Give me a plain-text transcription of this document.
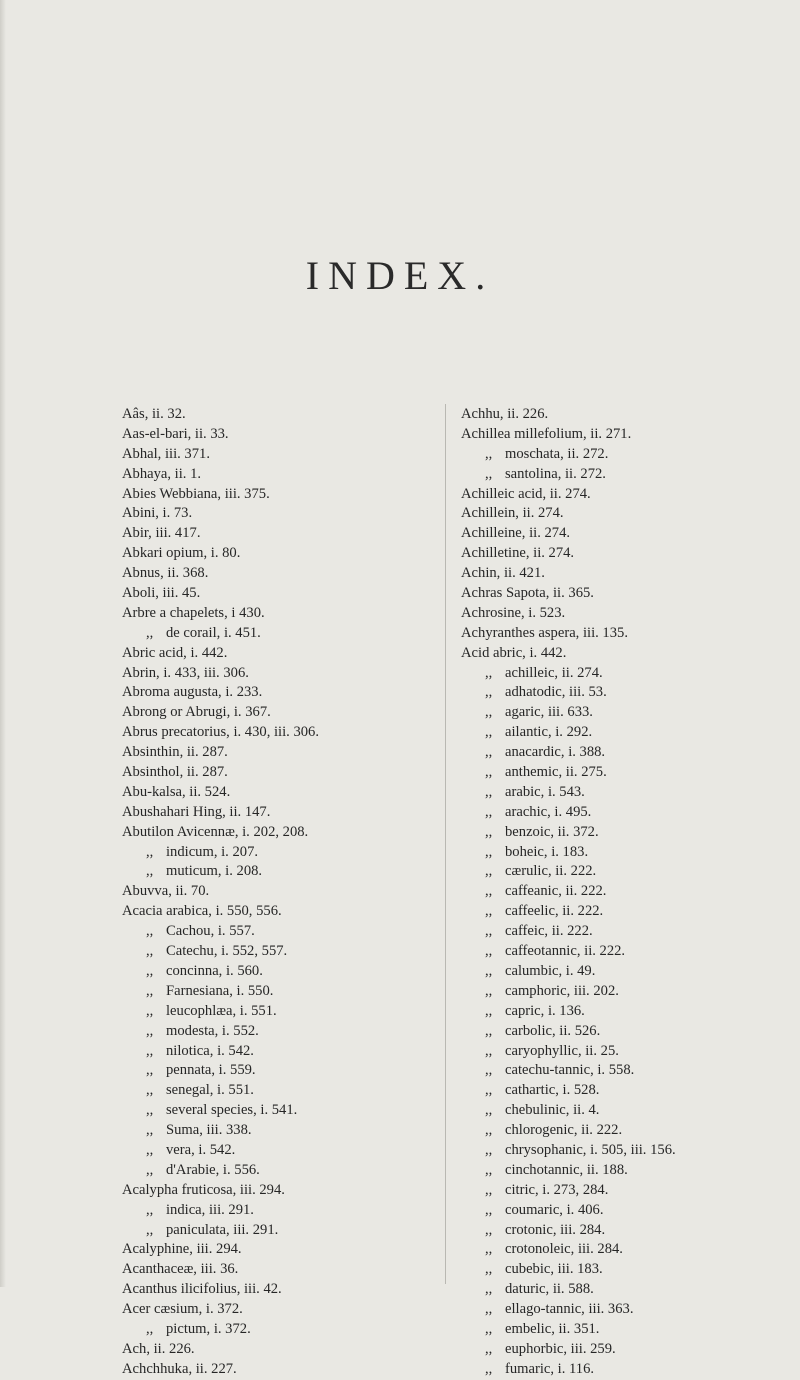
INDEX.
Aâs, ii. 32.
Aas-el-bari, ii. 33.
Abhal, iii. 371.
Abhaya, ii. 1.
Abies Webbiana, iii. 375.
Abini, i. 73.
Abir, iii. 417.
Abkari opium, i. 80.
Abnus, ii. 368.
Aboli, iii. 45.
Arbre a chapelets, i 430.
,, de corail, i. 451.
Abric acid, i. 442.
Abrin, i. 433, iii. 306.
Abroma augusta, i. 233.
Abrong or Abrugi, i. 367.
Abrus precatorius, i. 430, iii. 306.
Absinthin, ii. 287.
Absinthol, ii. 287.
Abu-kalsa, ii. 524.
Abushahari Hing, ii. 147.
Abutilon Avicennæ, i. 202, 208.
,, indicum, i. 207.
,, muticum, i. 208.
Abuvva, ii. 70.
Acacia arabica, i. 550, 556.
,, Cachou, i. 557.
,, Catechu, i. 552, 557.
,, concinna, i. 560.
,, Farnesiana, i. 550.
,, leucophlæa, i. 551.
,, modesta, i. 552.
,, nilotica, i. 542.
,, pennata, i. 559.
,, senegal, i. 551.
,, several species, i. 541.
,, Suma, iii. 338.
,, vera, i. 542.
,, d'Arabie, i. 556.
Acalypha fruticosa, iii. 294.
,, indica, iii. 291.
,, paniculata, iii. 291.
Acalyphine, iii. 294.
Acanthaceæ, iii. 36.
Acanthus ilicifolius, iii. 42.
Acer cæsium, i. 372.
,, pictum, i. 372.
Ach, ii. 226.
Achchhuka, ii. 227.
Achhu, ii. 226.
Achillea millefolium, ii. 271.
,, moschata, ii. 272.
,, santolina, ii. 272.
Achilleic acid, ii. 274.
Achillein, ii. 274.
Achilleine, ii. 274.
Achilletine, ii. 274.
Achin, ii. 421.
Achras Sapota, ii. 365.
Achrosine, i. 523.
Achyranthes aspera, iii. 135.
Acid abric, i. 442.
,, achilleic, ii. 274.
,, adhatodic, iii. 53.
,, agaric, iii. 633.
,, ailantic, i. 292.
,, anacardic, i. 388.
,, anthemic, ii. 275.
,, arabic, i. 543.
,, arachic, i. 495.
,, benzoic, ii. 372.
,, boheic, i. 183.
,, cærulic, ii. 222.
,, caffeanic, ii. 222.
,, caffeelic, ii. 222.
,, caffeic, ii. 222.
,, caffeotannic, ii. 222.
,, calumbic, i. 49.
,, camphoric, iii. 202.
,, capric, i. 136.
,, carbolic, ii. 526.
,, caryophyllic, ii. 25.
,, catechu-tannic, i. 558.
,, cathartic, i. 528.
,, chebulinic, ii. 4.
,, chlorogenic, ii. 222.
,, chrysophanic, i. 505, iii. 156.
,, cinchotannic, ii. 188.
,, citric, i. 273, 284.
,, coumaric, i. 406.
,, crotonic, iii. 284.
,, crotonoleic, iii. 284.
,, cubebic, iii. 183.
,, daturic, ii. 588.
,, ellago-tannic, iii. 363.
,, embelic, ii. 351.
,, euphorbic, iii. 259.
,, fumaric, i. 116.
